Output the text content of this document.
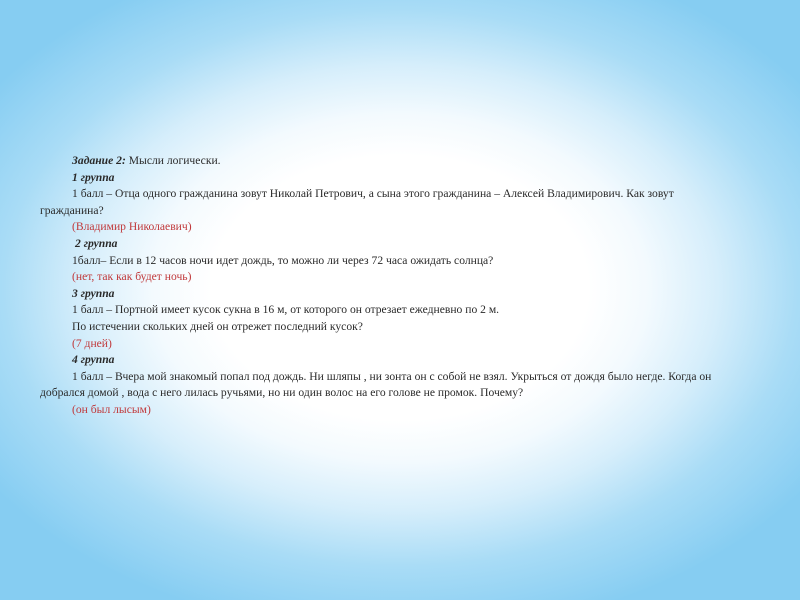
Задание 2: Мысли логически.
1 группа
1 балл – Отца одного гражданина зовут Николай Петрович, а сына этого гражданина – Алексей Владимирович. Как зовут гражданина?
(Владимир Николаевич)
2 группа
1балл– Если в 12 часов ночи идет дождь, то можно ли через 72 часа ожидать солнца?
(нет, так как будет ночь)
3 группа
1 балл – Портной имеет кусок сукна в 16 м, от которого он отрезает ежедневно по 2 м.
По истечении скольких дней он отрежет последний кусок?
(7 дней)
4 группа
1 балл – Вчера мой знакомый попал под дождь. Ни шляпы , ни зонта он с собой не взял. Укрыться от дождя было негде. Когда он добрался домой , вода с него лилась ручьями, но ни один волос на его голове не промок. Почему?
(он был лысым)
